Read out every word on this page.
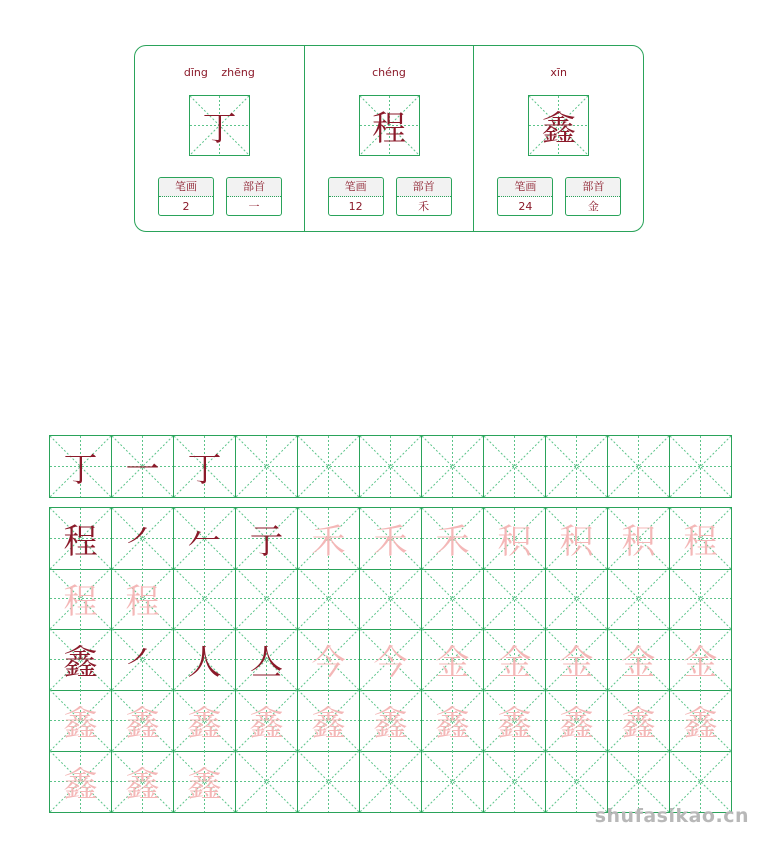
dīng zhēng
丁
笔画
2
部首
一
chéng
程
笔画
12
部首
禾
xīn
鑫
笔画
24
部首
金
丁 一 丁
程 ㇒ 𠂉 亍 禾 禾 禾 积 积 积 程
程 程
鑫 ㇒ 人 亼 今 今 金 金 金 金 金
鑫 鑫 鑫 鑫 鑫 鑫 鑫 鑫 鑫 鑫 鑫
鑫 鑫 鑫
shufasikao.cn
